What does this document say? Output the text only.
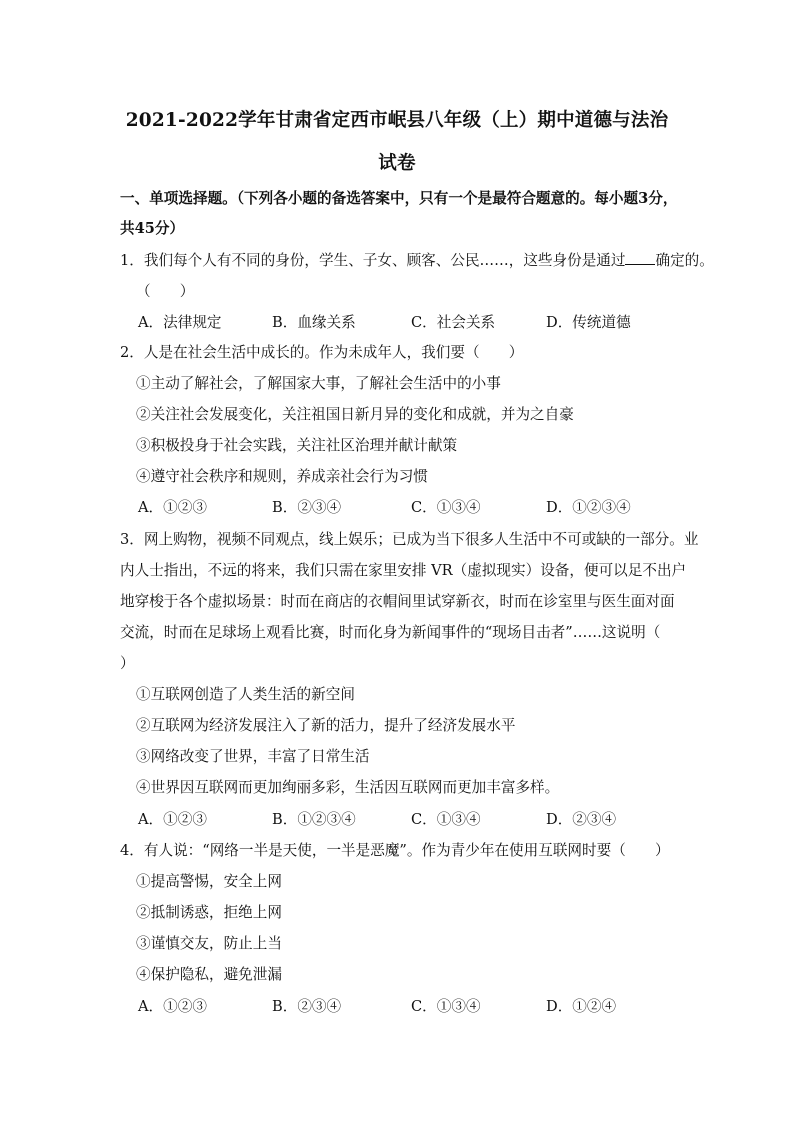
2021-2022学年甘肃省定西市岷县八年级（上）期中道德与法治
试卷
一、单项选择题。（下列各小题的备选答案中，只有一个是最符合题意的。每小题3分，
共45分）
1．我们每个人有不同的身份，学生、子女、顾客、公民……，这些身份是通过 确定的。
（　　）
A．法律规定	B．血缘关系	C．社会关系	D．传统道德
2．人是在社会生活中成长的。作为未成年人，我们要（　　）
①主动了解社会，了解国家大事，了解社会生活中的小事
②关注社会发展变化，关注祖国日新月异的变化和成就，并为之自豪
③积极投身于社会实践，关注社区治理并献计献策
④遵守社会秩序和规则，养成亲社会行为习惯
A．①②③	B．②③④	C．①③④	D．①②③④
3．网上购物，视频不同观点，线上娱乐；已成为当下很多人生活中不可或缺的一部分。业
内人士指出，不远的将来，我们只需在家里安排 VR（虚拟现实）设备，便可以足不出户
地穿梭于各个虚拟场景：时而在商店的衣帽间里试穿新衣，时而在诊室里与医生面对面
交流，时而在足球场上观看比赛，时而化身为新闻事件的“现场目击者”……这说明（
）
①互联网创造了人类生活的新空间
②互联网为经济发展注入了新的活力，提升了经济发展水平
③网络改变了世界，丰富了日常生活
④世界因互联网而更加绚丽多彩，生活因互联网而更加丰富多样。
A．①②③	B．①②③④	C．①③④	D．②③④
4．有人说：“网络一半是天使，一半是恶魔”。作为青少年在使用互联网时要（　　）
①提高警惕，安全上网
②抵制诱惑，拒绝上网
③谨慎交友，防止上当
④保护隐私，避免泄漏
A．①②③	B．②③④	C．①③④	D．①②④
